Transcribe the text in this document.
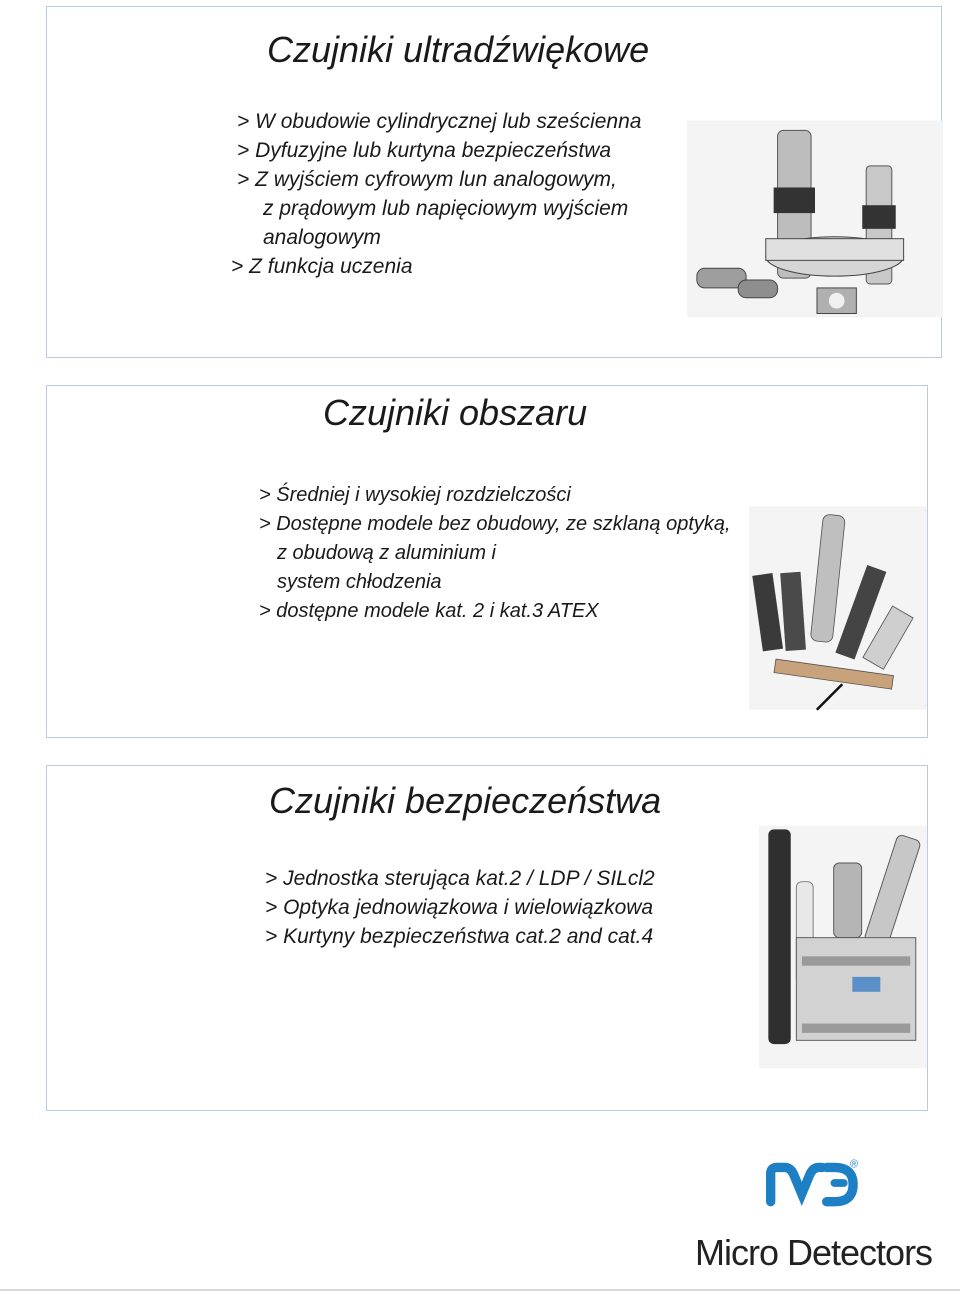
Czujniki ultradźwiękowe
> W obudowie cylindrycznej lub sześcienna
> Dyfuzyjne lub kurtyna bezpieczeństwa
> Z wyjściem cyfrowym lun analogowym,
z prądowym lub napięciowym wyjściem
analogowym
> Z funkcja uczenia
Czujniki obszaru
> Średniej i wysokiej rozdzielczości
> Dostępne modele bez obudowy, ze szklaną optyką,
z obudową z aluminium i
system chłodzenia
> dostępne modele kat. 2 i kat.3 ATEX
Czujniki bezpieczeństwa
> Jednostka sterująca kat.2 / LDP / SILcl2
> Optyka jednowiązkowa i wielowiązkowa
> Kurtyny bezpieczeństwa cat.2 and cat.4
®
Micro Detectors
